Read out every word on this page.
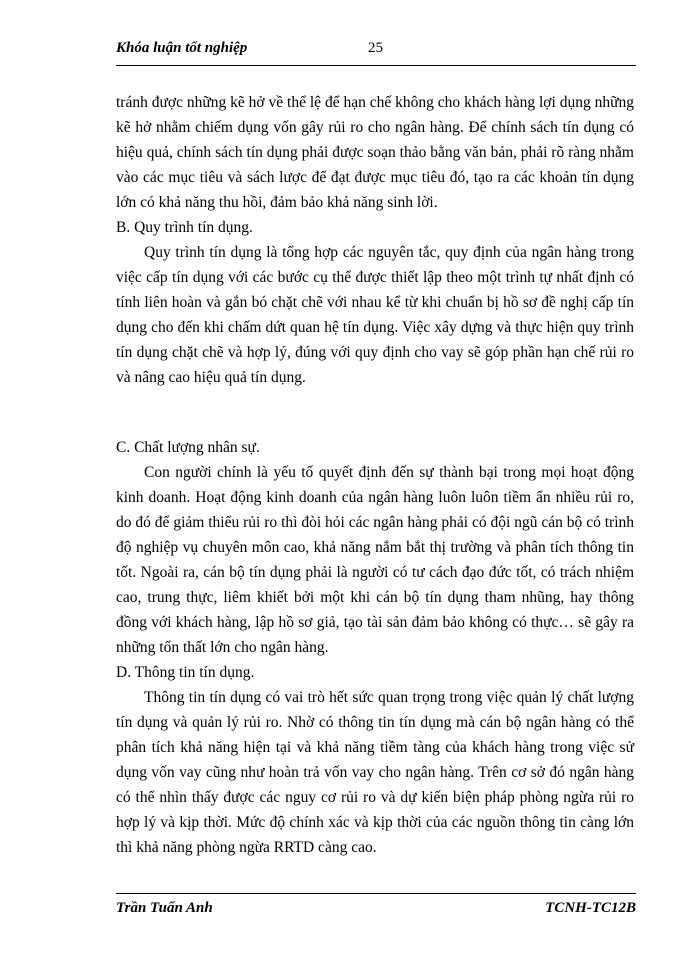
Khóa luận tốt nghiệp	25

tránh được những kẽ hở về thể lệ để hạn chế không cho khách hàng lợi dụng những kẽ hở nhằm chiếm dụng vốn gây rủi ro cho ngân hàng. Để chính sách tín dụng có hiệu quả, chính sách tín dụng phải được soạn thảo bằng văn bản, phải rõ ràng nhằm vào các mục tiêu và sách lược để đạt được mục tiêu đó, tạo ra các khoản tín dụng lớn có khả năng thu hồi, đảm bảo khả năng sinh lời.

B. Quy trình tín dụng.

Quy trình tín dụng là tổng hợp các nguyên tắc, quy định của ngân hàng trong việc cấp tín dụng với các bước cụ thể được thiết lập theo một trình tự nhất định có tính liên hoàn và gắn bó chặt chẽ với nhau kể từ khi chuẩn bị hồ sơ đề nghị cấp tín dụng cho đến khi chấm dứt quan hệ tín dụng. Việc xây dựng và thực hiện quy trình tín dụng chặt chẽ và hợp lý, đúng với quy định cho vay sẽ góp phần hạn chế rủi ro và nâng cao hiệu quả tín dụng.

C. Chất lượng nhân sự.

Con người chính là yếu tố quyết định đến sự thành bại trong mọi hoạt động kinh doanh. Hoạt động kinh doanh của ngân hàng luôn luôn tiềm ẩn nhiều rủi ro, do đó để giảm thiểu rủi ro thì đòi hỏi các ngân hàng phải có đội ngũ cán bộ có trình độ nghiệp vụ chuyên môn cao, khả năng nắm bắt thị trường và phân tích thông tin tốt. Ngoài ra, cán bộ tín dụng phải là người có tư cách đạo đức tốt, có trách nhiệm cao, trung thực, liêm khiết bởi một khi cán bộ tín dụng tham nhũng, hay thông đồng với khách hàng, lập hồ sơ giả, tạo tài sản đảm bảo không có thực… sẽ gây ra những tổn thất lớn cho ngân hàng.

D. Thông tin tín dụng.

Thông tin tín dụng có vai trò hết sức quan trọng trong việc quản lý chất lượng tín dụng và quản lý rủi ro. Nhờ có thông tin tín dụng mà cán bộ ngân hàng có thể phân tích khả năng hiện tại và khả năng tiềm tàng của khách hàng trong việc sử dụng vốn vay cũng như hoàn trả vốn vay cho ngân hàng. Trên cơ sở đó ngân hàng có thể nhìn thấy được các nguy cơ rủi ro và dự kiến biện pháp phòng ngừa rủi ro hợp lý và kịp thời. Mức độ chính xác và kịp thời của các nguồn thông tin càng lớn thì khả năng phòng ngừa RRTD càng cao.

Trần Tuấn Anh	TCNH-TC12B
